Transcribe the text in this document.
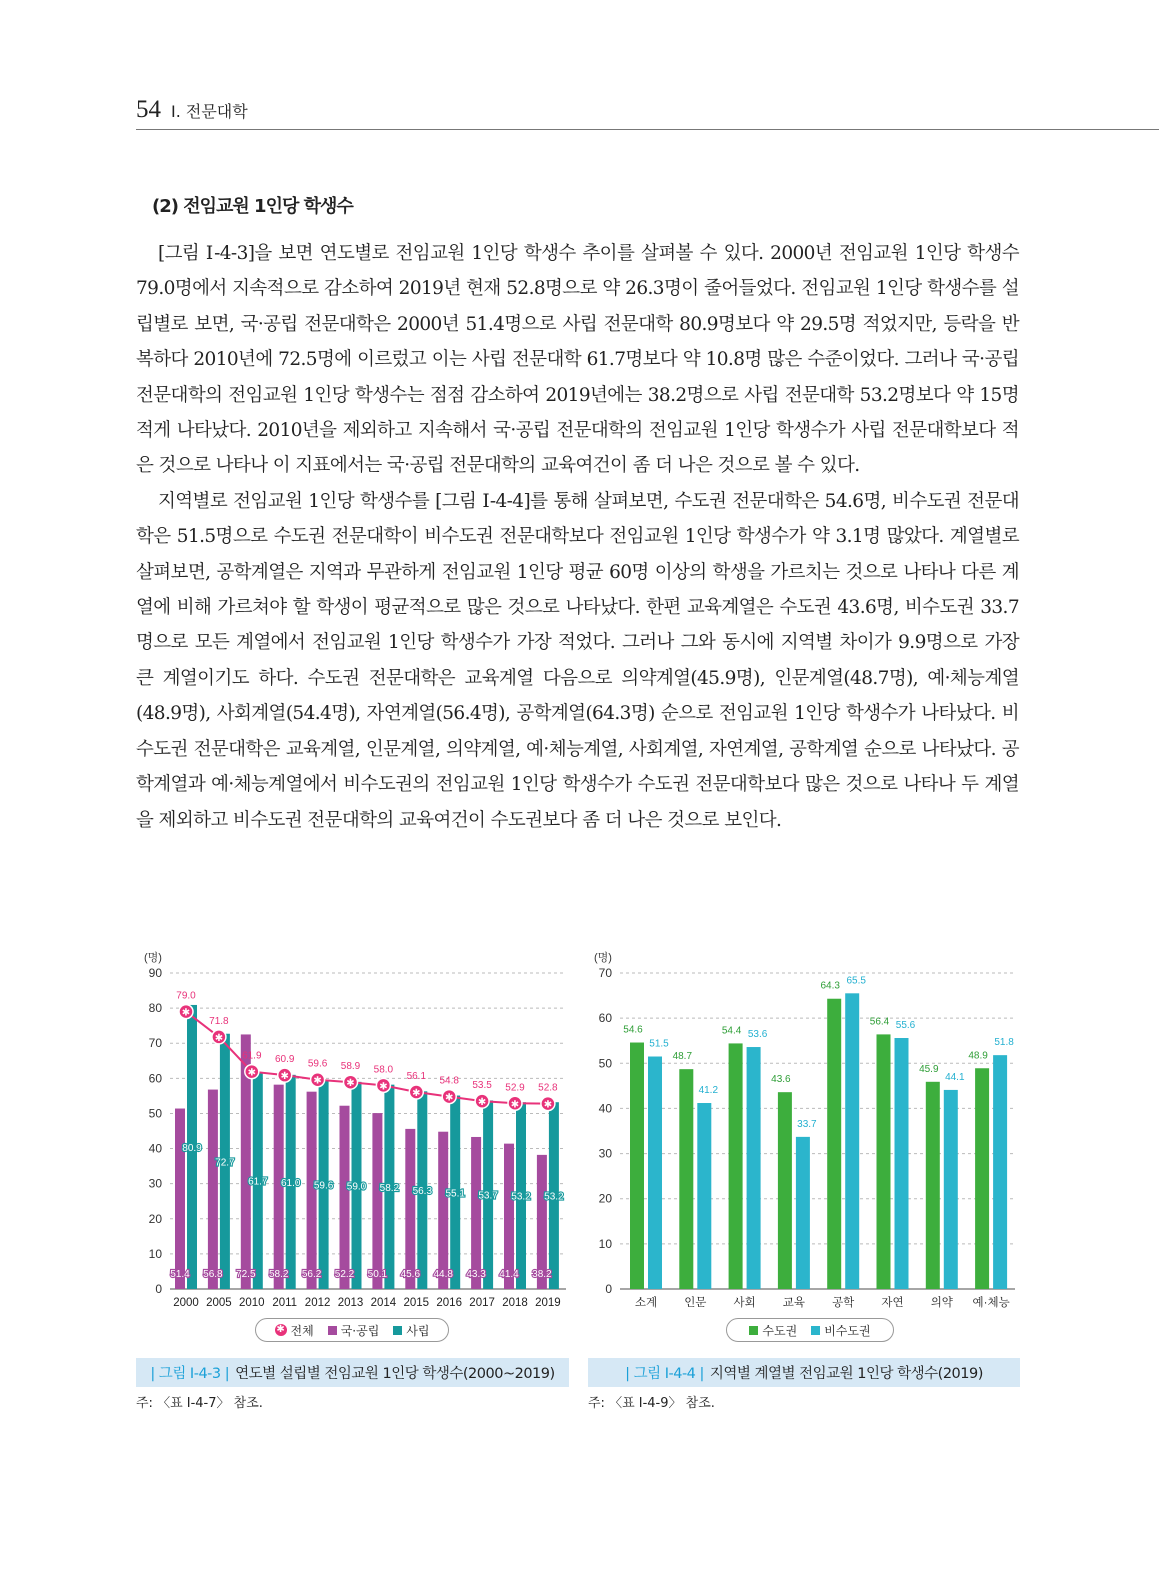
54 Ⅰ. 전문대학
(2) 전임교원 1인당 학생수

[그림 Ⅰ-4-3]을 보면 연도별로 전임교원 1인당 학생수 추이를 살펴볼 수 있다. 2000년 전임교원 1인당 학생수 79.0명에서 지속적으로 감소하여 2019년 현재 52.8명으로 약 26.3명이 줄어들었다. 전임교원 1인당 학생수를 설립별로 보면, 국·공립 전문대학은 2000년 51.4명으로 사립 전문대학 80.9명보다 약 29.5명 적었지만, 등락을 반복하다 2010년에 72.5명에 이르렀고 이는 사립 전문대학 61.7명보다 약 10.8명 많은 수준이었다. 그러나 국·공립 전문대학의 전임교원 1인당 학생수는 점점 감소하여 2019년에는 38.2명으로 사립 전문대학 53.2명보다 약 15명 적게 나타났다. 2010년을 제외하고 지속해서 국·공립 전문대학의 전임교원 1인당 학생수가 사립 전문대학보다 적은 것으로 나타나 이 지표에서는 국·공립 전문대학의 교육여건이 좀 더 나은 것으로 볼 수 있다.

지역별로 전임교원 1인당 학생수를 [그림 Ⅰ-4-4]를 통해 살펴보면, 수도권 전문대학은 54.6명, 비수도권 전문대학은 51.5명으로 수도권 전문대학이 비수도권 전문대학보다 전임교원 1인당 학생수가 약 3.1명 많았다. 계열별로 살펴보면, 공학계열은 지역과 무관하게 전임교원 1인당 평균 60명 이상의 학생을 가르치는 것으로 나타나 다른 계열에 비해 가르쳐야 할 학생이 평균적으로 많은 것으로 나타났다. 한편 교육계열은 수도권 43.6명, 비수도권 33.7명으로 모든 계열에서 전임교원 1인당 학생수가 가장 적었다. 그러나 그와 동시에 지역별 차이가 9.9명으로 가장 큰 계열이기도 하다. 수도권 전문대학은 교육계열 다음으로 의약계열(45.9명), 인문계열(48.7명), 예·체능계열(48.9명), 사회계열(54.4명), 자연계열(56.4명), 공학계열(64.3명) 순으로 전임교원 1인당 학생수가 나타났다. 비수도권 전문대학은 교육계열, 인문계열, 의약계열, 예·체능계열, 사회계열, 자연계열, 공학계열 순으로 나타났다. 공학계열과 예·체능계열에서 비수도권의 전임교원 1인당 학생수가 수도권 전문대학보다 많은 것으로 나타나 두 계열을 제외하고 비수도권 전문대학의 교육여건이 수도권보다 좀 더 나은 것으로 보인다.

(명)
0
10
20
30
40
50
60
70
80
90
2000
51.4
80.9
2005
56.8
72.7
2010
72.5
61.7
2011
58.2
61.0
2012
56.2
59.6
2013
52.2
59.0
2014
50.1
58.2
2015
45.6
56.3
2016
44.8
55.1
2017
43.3
53.7
2018
41.4
53.2
2019
38.2
53.2
✱
79.0
✱
71.8
✱
61.9
✱
60.9
✱
59.6
✱
58.9
✱
58.0
✱
56.1
✱
54.8
✱
53.5
✱
52.9
✱
52.8
✱ 전체 국·공립 사립
| 그림 Ⅰ-4-3 | 연도별 설립별 전임교원 1인당 학생수(2000~2019)
주: 〈표 Ⅰ-4-7〉 참조.
(명)
0
10
20
30
40
50
60
70
54.6
51.5
소계
48.7
41.2
인문
54.4 53.6
사회
43.6
33.7
교육
64.3 65.5
공학
56.4 55.6
자연
45.9
44.1
의약
48.9
51.8
예·체능
수도권 비수도권
| 그림 Ⅰ-4-4 | 지역별 계열별 전임교원 1인당 학생수(2019)
주: 〈표 Ⅰ-4-9〉 참조.
